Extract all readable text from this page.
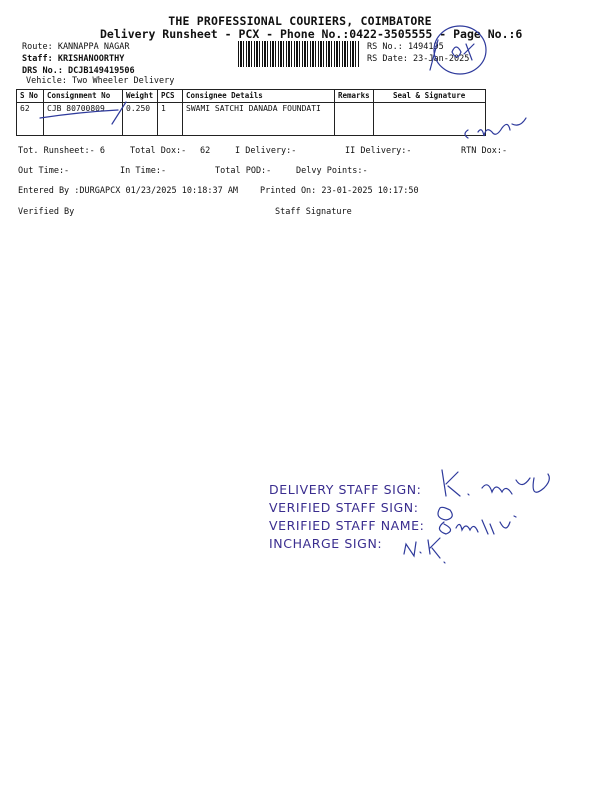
THE PROFESSIONAL COURIERS, COIMBATORE
Delivery Runsheet - PCX - Phone No.:0422-3505555 - Page No.:6
Route: KANNAPPA NAGAR
Staff: KRISHANOORTHY
DRS No.: DCJB149419506
Vehicle: Two Wheeler Delivery
RS No.: 1494195
RS Date: 23-Jan-2025
S No	Consignment No	Weight	PCS	Consignee Details	Remarks	Seal & Signature
62	CJB 80700809	0.250	1	SWAMI SATCHI DANADA FOUNDATI		
Tot. Runsheet:- 6	Total Dox:- 62	I Delivery:-	II Delivery:-	RTN Dox:-
Out Time:-	In Time:-	Total POD:-	Delvy Points:-
Entered By :DURGAPCX 01/23/2025 10:18:37 AM	Printed On: 23-01-2025 10:17:50
Verified By	Staff Signature
DELIVERY STAFF SIGN:
VERIFIED STAFF SIGN:
VERIFIED STAFF NAME:
INCHARGE SIGN:
